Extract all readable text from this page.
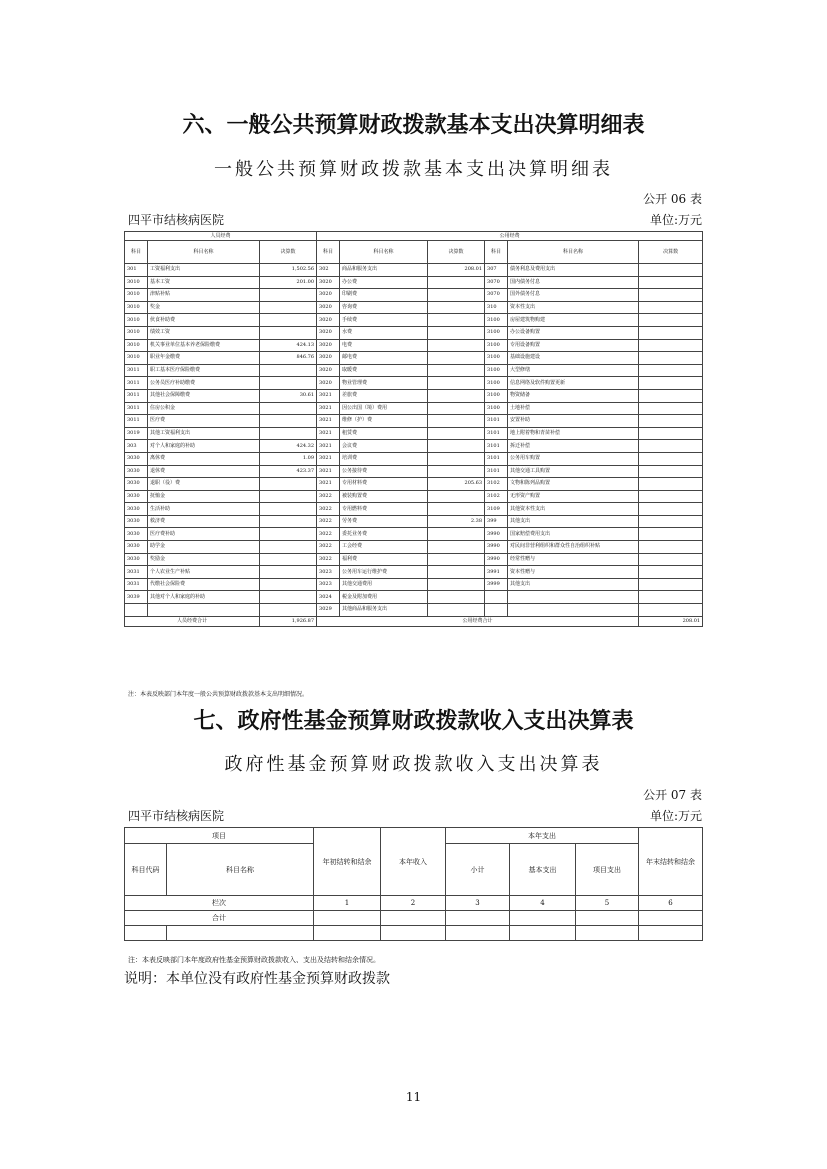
六、一般公共预算财政拨款基本支出决算明细表
一般公共预算财政拨款基本支出决算明细表
公开 06 表
四平市结核病医院	单位:万元
人员经费			公用经费					
科目	科目名称	决算数	科目	科目名称	决算数	科目	科目名称	决算数
301	工资福利支出	1,502.56	302	商品和服务支出	208.01	307	债务利息及费用支出	
3010	基本工资	201.00	3020	办公费		3070	国内债务付息	
3010	津贴补贴		3020	印刷费		3070	国外债务付息	
3010	奖金		3020	咨询费		310	资本性支出	
3010	伙食补助费		3020	手续费		3100	房屋建筑物购建	
3010	绩效工资		3020	水费		3100	办公设备购置	
3010	机关事业单位基本养老保险缴费	424.13	3020	电费		3100	专用设备购置	
3010	职业年金缴费	846.76	3020	邮电费		3100	基础设施建设	
3011	职工基本医疗保险缴费		3020	取暖费		3100	大型修缮	
3011	公务员医疗补助缴费		3020	物业管理费		3100	信息网络及软件购置更新	
3011	其他社会保障缴费	30.61	3021	差旅费		3100	物资储备	
3011	住房公积金		3021	因公出国（境）费用		3100	土地补偿	
3011	医疗费		3021	维修（护）费		3101	安置补助	
3019	其他工资福利支出		3021	租赁费		3101	地上附着物和青苗补偿	
303	对个人和家庭的补助	424.32	3021	会议费		3101	拆迁补偿	
3030	离休费	1.09	3021	培训费		3101	公务用车购置	
3030	退休费	423.37	3021	公务接待费		3101	其他交通工具购置	
3030	退职（役）费		3021	专用材料费	205.63	3102	文物和陈列品购置	
3030	抚恤金		3022	被装购置费		3102	无形资产购置	
3030	生活补助		3022	专用燃料费		3109	其他资本性支出	
3030	救济费		3022	劳务费	2.38	399	其他支出	
3030	医疗费补助		3022	委托业务费		3990	国家赔偿费用支出	
3030	助学金		3022	工会经费		3990	对民间非营利组织和群众性自治组织补贴	
3030	奖励金		3022	福利费		3990	经常性赠与	
3031	个人农业生产补贴		3023	公务用车运行维护费		3991	资本性赠与	
3031	代缴社会保险费		3023	其他交通费用		3999	其他支出	
3039	其他对个人和家庭的补助		3024	税金及附加费用				
			3029	其他商品和服务支出				
人员经费合计		1,926.87	公用经费合计					208.01
注：本表反映部门本年度一般公共预算财政拨款基本支出明细情况。
七、政府性基金预算财政拨款收入支出决算表
政府性基金预算财政拨款收入支出决算表
公开 07 表
四平市结核病医院	单位:万元
项目		年初结转和结余	本年收入	本年支出			年末结转和结余
科目代码	科目名称			小计	基本支出	项目支出	
栏次		1	2	3	4	5	6
合计							

注：本表反映部门本年度政府性基金预算财政拨款收入、支出及结转和结余情况。
说明：本单位没有政府性基金预算财政拨款
11
